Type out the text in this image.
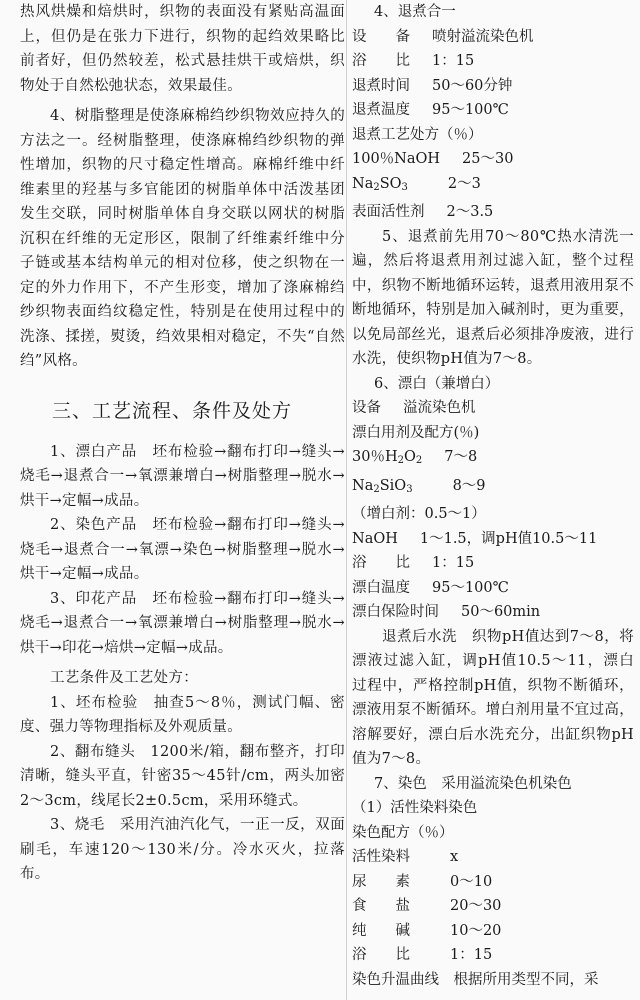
热风烘燥和焙烘时，织物的表面没有紧贴高温面上，但仍是在张力下进行，织物的起绉效果略比前者好，但仍然较差，松式悬挂烘干或焙烘，织物处于自然松弛状态，效果最佳。

4、树脂整理是使涤麻棉绉纱织物效应持久的方法之一。经树脂整理，使涤麻棉绉纱织物的弹性增加，织物的尺寸稳定性增高。麻棉纤维中纤维素里的羟基与多官能团的树脂单体中活泼基团发生交联，同时树脂单体自身交联以网状的树脂沉积在纤维的无定形区，限制了纤维素纤维中分子链或基本结构单元的相对位移，使之织物在一定的外力作用下，不产生形变，增加了涤麻棉绉纱织物表面绉纹稳定性，特别是在使用过程中的洗涤、揉搓，熨烫，绉效果相对稳定，不失“自然绉”风格。

三、工艺流程、条件及处方

1、漂白产品　坯布检验→翻布打印→缝头→烧毛→退煮合一→氧漂兼增白→树脂整理→脱水→烘干→定幅→成品。

2、染色产品　坯布检验→翻布打印→缝头→烧毛→退煮合一→氧漂→染色→树脂整理→脱水→烘干→定幅→成品。

3、印花产品　坯布检验→翻布打印→缝头→烧毛→退煮合一→氧漂兼增白→树脂整理→脱水→烘干→印花→焙烘→定幅→成品。

工艺条件及工艺处方：

1、坯布检验　抽查5～8％，测试门幅、密度、强力等物理指标及外观质量。

2、翻布缝头　1200米/箱，翻布整齐，打印清晰，缝头平直，针密35～45针/cm，两头加密2～3cm，线尾长2±0.5cm，采用环缝式。

3、烧毛　采用汽油汽化气，一正一反，双面刷毛，车速120～130米/分。冷水灭火，拉落布。

4、退煮合一
设　　备 喷射溢流染色机
浴　　比 1：15
退煮时间 50～60分钟
退煮温度 95～100℃
退煮工艺处方（％）
100％NaOH 25～30
$Na_2SO_3$	2～3
表面活性剂 2～3.5

5、退煮前先用70～80℃热水清洗一遍，然后将退煮用剂过滤入缸，整个过程中，织物不断地循环运转，退煮用液用泵不断地循环，特别是加入碱剂时，更为重要，以免局部丝光，退煮后必须排净废液，进行水洗，使织物pH值为7～8。

6、漂白（兼增白）
设备 溢流染色机
漂白用剂及配方(％)
30％$H_2O_2$ 7～8
$Na_2SiO_3$	8～9
（增白剂：0.5～1）
NaOH 1～1.5，调pH值10.5～11
浴　　比 1：15
漂白温度 95～100℃
漂白保险时间 50～60min

退煮后水洗　织物pH值达到7～8，将漂液过滤入缸，调pH值10.5～11，漂白过程中，严格控制pH值，织物不断循环，漂液用泵不断循环。增白剂用量不宜过高，溶解要好，漂白后水洗充分，出缸织物pH值为7～8。

7、染色　采用溢流染色机染色
（1）活性染料染色
染色配方（％）
活性染料	x
尿　　素	0～10
食　　盐	20～30
纯　　碱	10～20
浴　　比	1：15
染色升温曲线　根据所用类型不同，采
